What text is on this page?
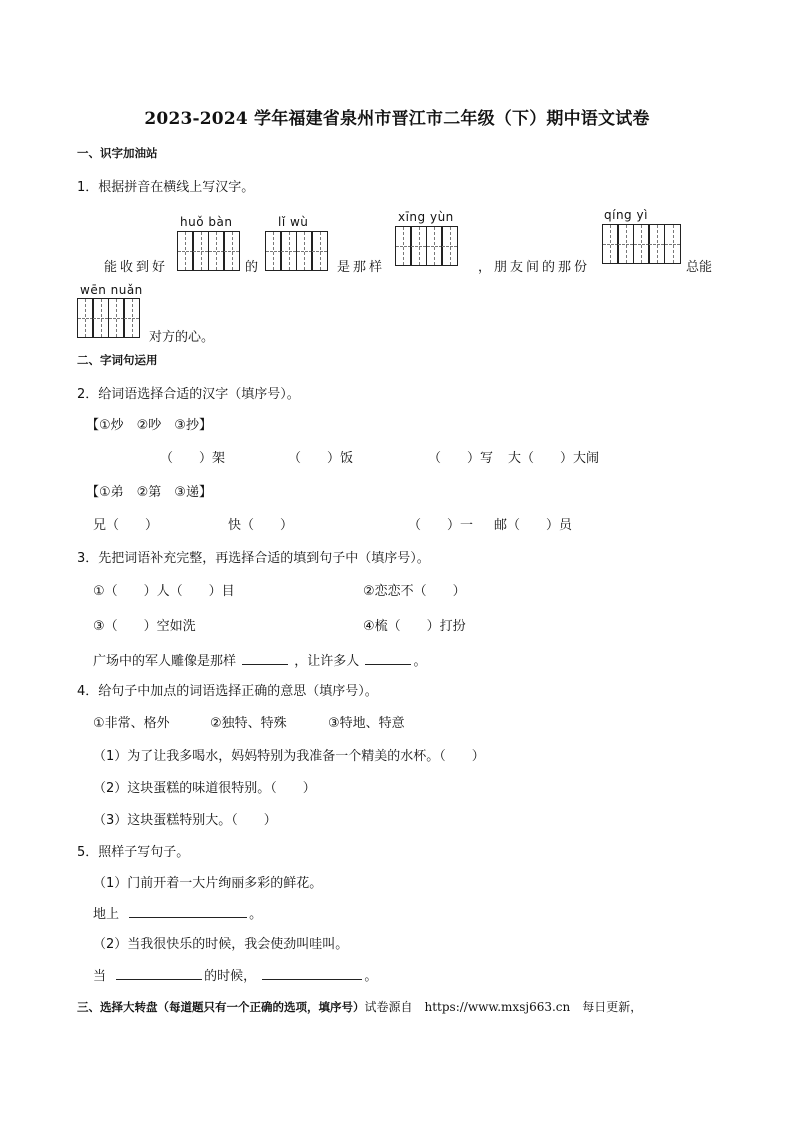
2023-2024 学年福建省泉州市晋江市二年级（下）期中语文试卷
一、识字加油站
1．根据拼音在横线上写汉字。
huǒ bàn	lǐ wù	xīng yùn	qíng yì
能收到好	的	是那样	，朋友间的那份	总能
wēn nuǎn
对方的心。
二、字词句运用
2．给词语选择合适的汉字（填序号）。
【①炒　②吵　③抄】
（　　）架	（　　）饭	（　　）写 大（　　）大闹
【①弟　②第　③递】
兄（　　）	快（　　）	（　　）一 邮（　　）员
3．先把词语补充完整，再选择合适的填到句子中（填序号）。
①（　　）人（　　）目	②恋恋不（　　）
③（　　）空如洗	④梳（　　）打扮
广场中的军人雕像是那样	，让许多人	。
4．给句子中加点的词语选择正确的意思（填序号）。
①非常、格外	②独特、特殊	③特地、特意
（1）为了让我多喝水，妈妈特别为我准备一个精美的水杯。（　　）
（2）这块蛋糕的味道很特别。（　　）
（3）这块蛋糕特别大。（　　）
5．照样子写句子。
（1）门前开着一大片绚丽多彩的鲜花。
地上	。
（2）当我很快乐的时候，我会使劲叫哇叫。
当	的时候，	。
三、选择大转盘（每道题只有一个正确的选项，填序号）试卷源自　https://www.mxsj663.cn　每日更新，
